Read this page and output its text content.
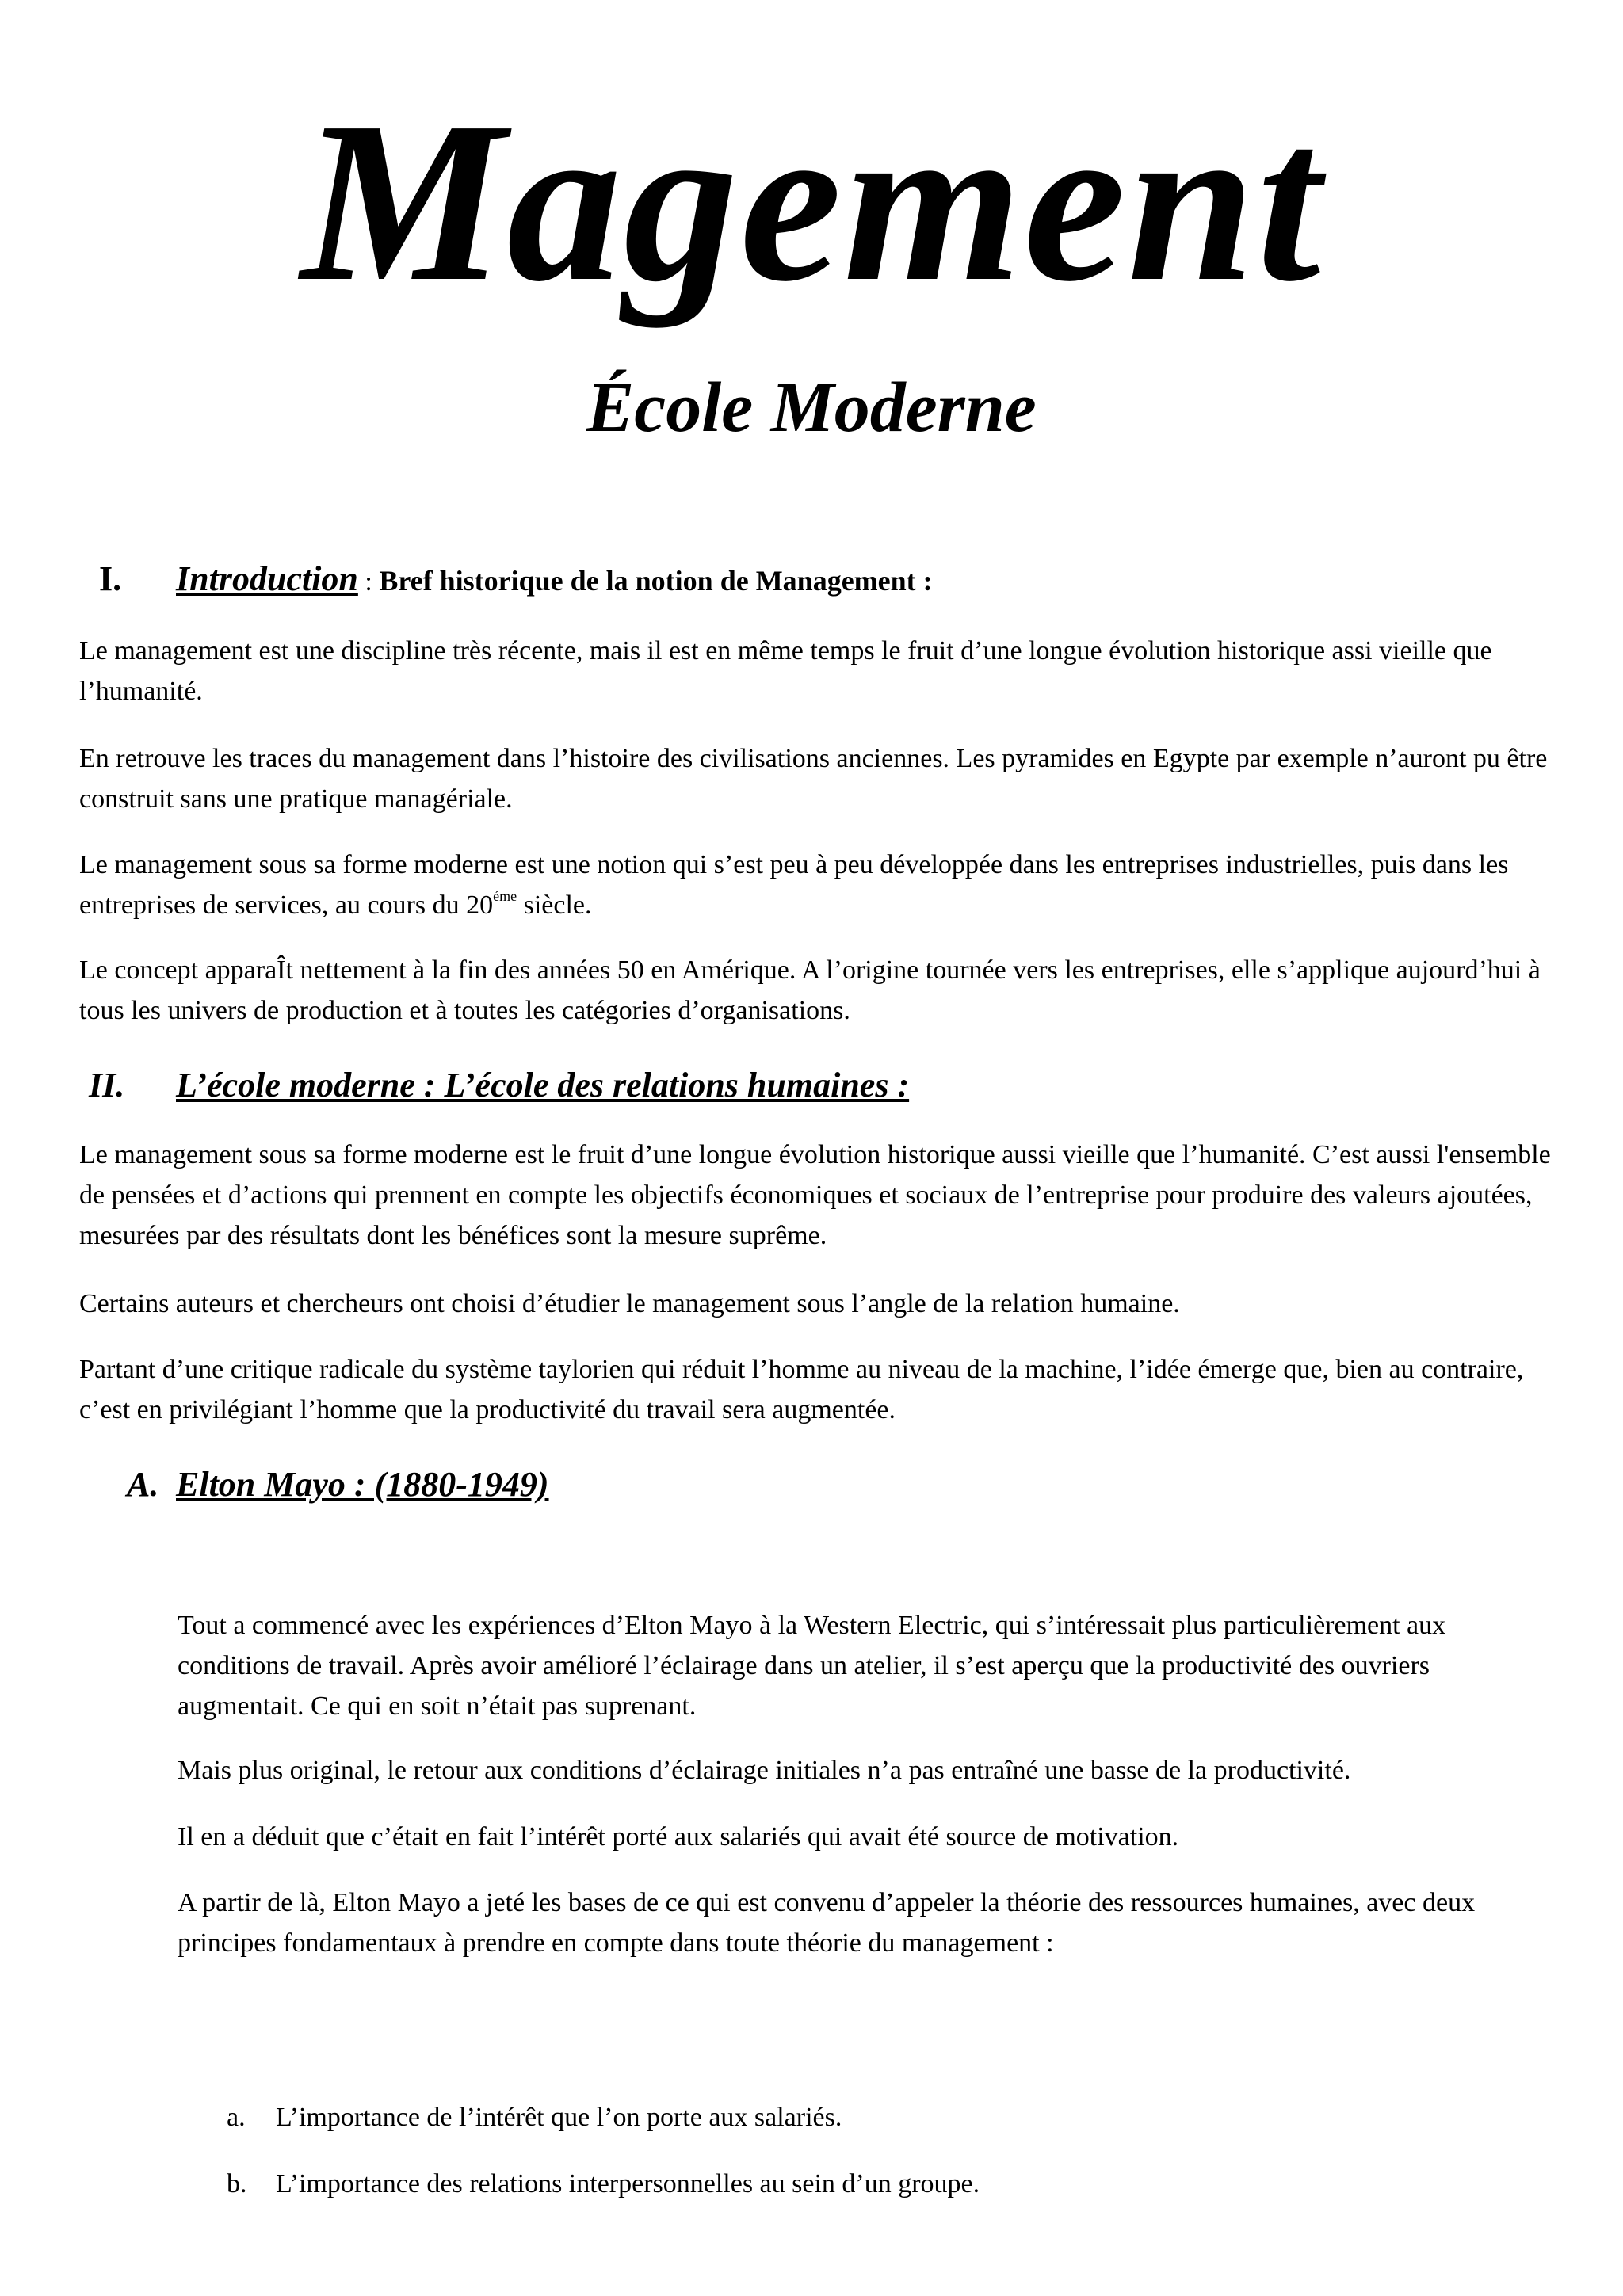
Magement
École Moderne
I. Introduction : Bref historique de la notion de Management :

Le management est une discipline très récente, mais il est en même temps le fruit d’une longue évolution historique assi vieille que l’humanité.

En retrouve les traces du management dans l’histoire des civilisations anciennes. Les pyramides en Egypte par exemple n’auront pu être construit sans une pratique managériale.

Le management sous sa forme moderne est une notion qui s’est peu à peu développée dans les entreprises industrielles, puis dans les entreprises de services, au cours du $20^{éme}$ siècle.

Le concept apparaÎt nettement à la fin des années 50 en Amérique. A l’origine tournée vers les entreprises, elle s’applique aujourd’hui à tous les univers de production et à toutes les catégories d’organisations.

II. L’école moderne : L’école des relations humaines :

Le management sous sa forme moderne est le fruit d’une longue évolution historique aussi vieille que l’humanité. C’est aussi l'ensemble de pensées et d’actions qui prennent en compte les objectifs économiques et sociaux de l’entreprise pour produire des valeurs ajoutées, mesurées par des résultats dont les bénéfices sont la mesure suprême.

Certains auteurs et chercheurs ont choisi d’étudier le management sous l’angle de la relation humaine.

Partant d’une critique radicale du système taylorien qui réduit l’homme au niveau de la machine, l’idée émerge que, bien au contraire, c’est en privilégiant l’homme que la productivité du travail sera augmentée.

A. Elton Mayo : (1880-1949)

Tout a commencé avec les expériences d’Elton Mayo à la Western Electric, qui s’intéressait plus particulièrement aux conditions de travail. Après avoir amélioré l’éclairage dans un atelier, il s’est aperçu que la productivité des ouvriers augmentait. Ce qui en soit n’était pas suprenant.

Mais plus original, le retour aux conditions d’éclairage initiales n’a pas entraîné une basse de la productivité.

Il en a déduit que c’était en fait l’intérêt porté aux salariés qui avait été source de motivation.

A partir de là, Elton Mayo a jeté les bases de ce qui est convenu d’appeler la théorie des ressources humaines, avec deux principes fondamentaux à prendre en compte dans toute théorie du management :

a. L’importance de l’intérêt que l’on porte aux salariés.
b. L’importance des relations interpersonnelles au sein d’un groupe.
